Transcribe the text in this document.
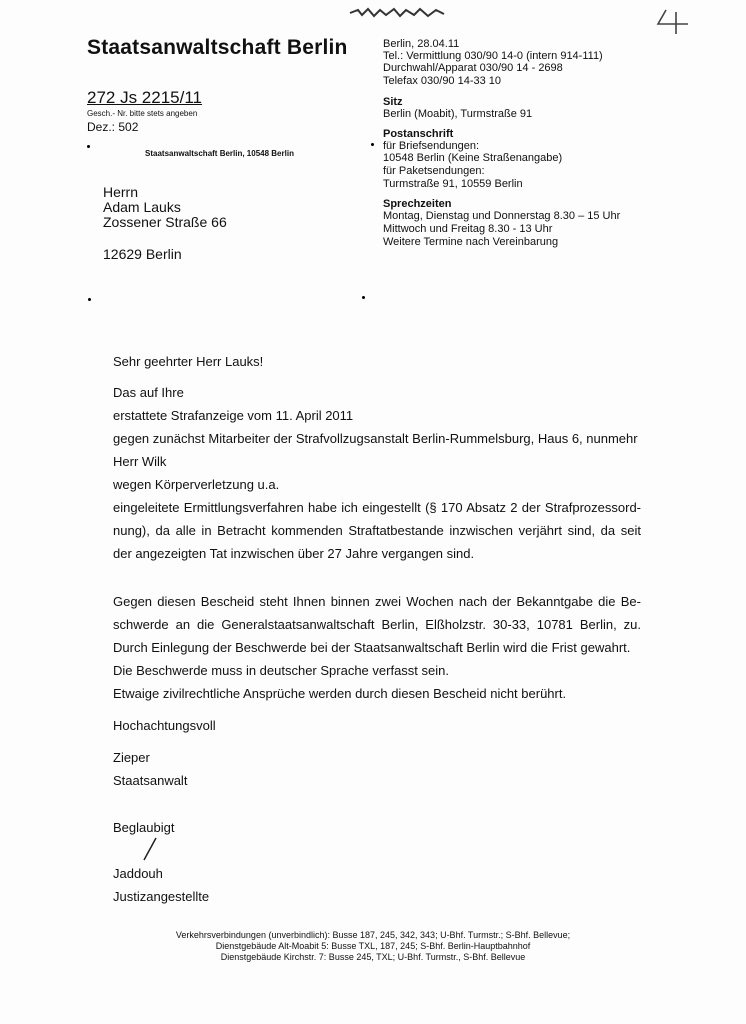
Staatsanwaltschaft Berlin
272 Js 2215/11
Gesch.- Nr. bitte stets angeben
Dez.: 502
Staatsanwaltschaft Berlin, 10548 Berlin
Herrn
Adam Lauks
Zossener Straße 66
12629 Berlin
Berlin, 28.04.11
Tel.: Vermittlung 030/90 14-0 (intern 914-111)
Durchwahl/Apparat 030/90 14 - 2698
Telefax 030/90 14-33 10
Sitz
Berlin (Moabit), Turmstraße 91
Postanschrift
für Briefsendungen:
10548 Berlin (Keine Straßenangabe)
für Paketsendungen:
Turmstraße 91, 10559 Berlin
Sprechzeiten
Montag, Dienstag und Donnerstag 8.30 – 15 Uhr
Mittwoch und Freitag 8.30 - 13 Uhr
Weitere Termine nach Vereinbarung
Sehr geehrter Herr Lauks!
Das auf Ihre
erstattete Strafanzeige vom 11. April 2011
gegen zunächst Mitarbeiter der Strafvollzugsanstalt Berlin-Rummelsburg, Haus 6, nunmehr
Herr Wilk
wegen Körperverletzung u.a.
eingeleitete Ermittlungsverfahren habe ich eingestellt (§ 170 Absatz 2 der Strafprozessord-
nung), da alle in Betracht kommenden Straftatbestande inzwischen verjährt sind, da seit
der angezeigten Tat inzwischen über 27 Jahre vergangen sind.
Gegen diesen Bescheid steht Ihnen binnen zwei Wochen nach der Bekanntgabe die Be-
schwerde an die Generalstaatsanwaltschaft Berlin, Elßholzstr. 30-33, 10781 Berlin, zu.
Durch Einlegung der Beschwerde bei der Staatsanwaltschaft Berlin wird die Frist gewahrt.
Die Beschwerde muss in deutscher Sprache verfasst sein.
Etwaige zivilrechtliche Ansprüche werden durch diesen Bescheid nicht berührt.
Hochachtungsvoll
Zieper
Staatsanwalt
Beglaubigt
Jaddouh
Justizangestellte
Verkehrsverbindungen (unverbindlich): Busse 187, 245, 342, 343; U-Bhf. Turmstr.; S-Bhf. Bellevue;
Dienstgebäude Alt-Moabit 5: Busse TXL, 187, 245; S-Bhf. Berlin-Hauptbahnhof
Dienstgebäude Kirchstr. 7: Busse 245, TXL; U-Bhf. Turmstr., S-Bhf. Bellevue
